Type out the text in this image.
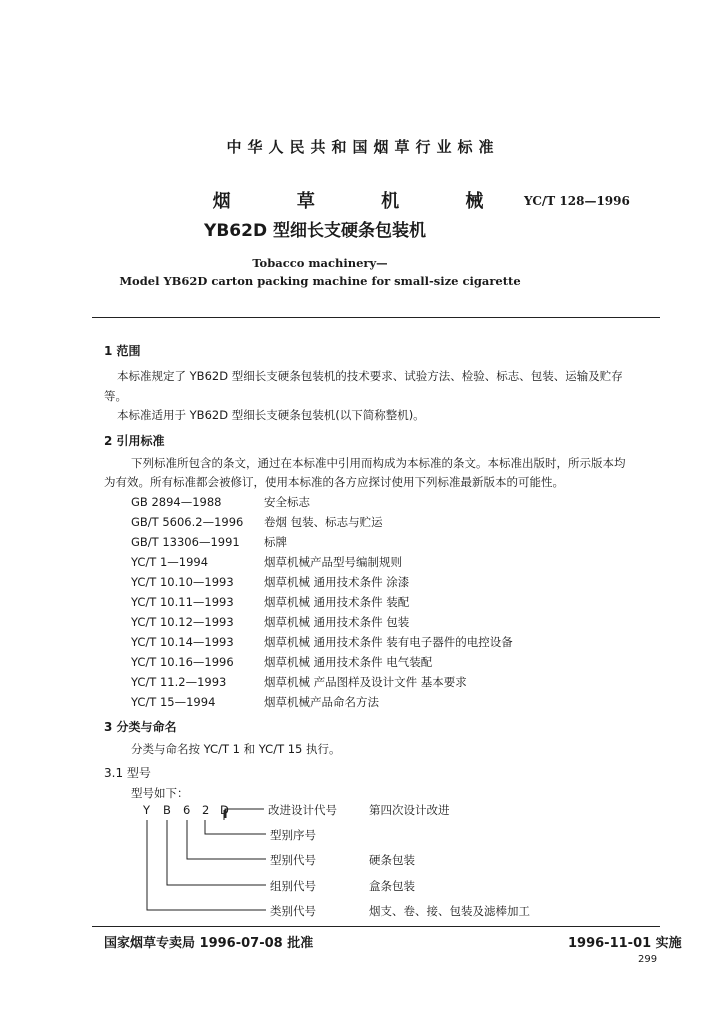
中华人民共和国烟草行业标准
烟 草 机 械
YB62D 型细长支硬条包装机
YC/T 128—1996
Tobacco machinery—
Model YB62D carton packing machine for small-size cigarette
1 范围
本标准规定了 YB62D 型细长支硬条包装机的技术要求、试验方法、检验、标志、包装、运输及贮存
等。
本标准适用于 YB62D 型细长支硬条包装机(以下简称整机)。
2 引用标准
下列标准所包含的条文，通过在本标准中引用而构成为本标准的条文。本标准出版时，所示版本均
为有效。所有标准都会被修订，使用本标准的各方应探讨使用下列标准最新版本的可能性。
GB 2894—1988	安全标志
GB/T 5606.2—1996 卷烟 包装、标志与贮运
GB/T 13306—1991 标牌
YC/T 1—1994	烟草机械产品型号编制规则
YC/T 10.10—1993	烟草机械 通用技术条件 涂漆
YC/T 10.11—1993	烟草机械 通用技术条件 装配
YC/T 10.12—1993	烟草机械 通用技术条件 包装
YC/T 10.14—1993	烟草机械 通用技术条件 装有电子器件的电控设备
YC/T 10.16—1996	烟草机械 通用技术条件 电气装配
YC/T 11.2—1993	烟草机械 产品图样及设计文件 基本要求
YC/T 15—1994	烟草机械产品命名方法
3 分类与命名
分类与命名按 YC/T 1 和 YC/T 15 执行。
3.1 型号
型号如下：
Y B 6 2 D	改进设计代号	第四次设计改进
型别序号
型别代号	硬条包装
组别代号	盒条包装
类别代号	烟支、卷、接、包装及滤棒加工
国家烟草专卖局 1996-07-08 批准	1996-11-01 实施
299
